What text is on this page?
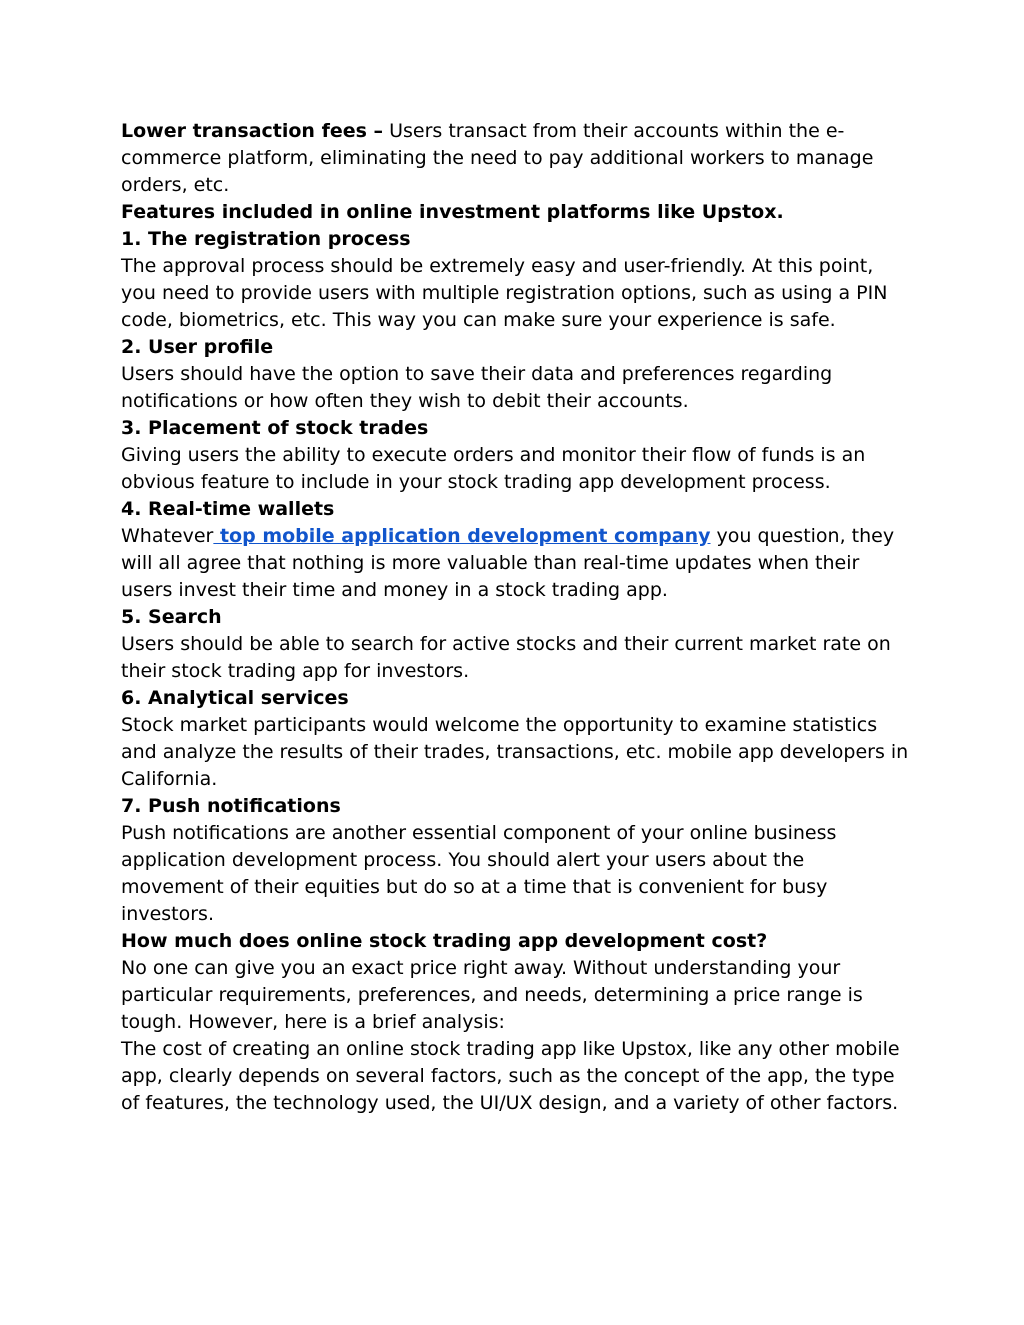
Lower transaction fees – Users transact from their accounts within the e-commerce platform, eliminating the need to pay additional workers to manage orders, etc.

Features included in online investment platforms like Upstox.

1. The registration process

The approval process should be extremely easy and user-friendly. At this point, you need to provide users with multiple registration options, such as using a PIN code, biometrics, etc. This way you can make sure your experience is safe.

2. User profile

Users should have the option to save their data and preferences regarding notifications or how often they wish to debit their accounts.

3. Placement of stock trades

Giving users the ability to execute orders and monitor their flow of funds is an obvious feature to include in your stock trading app development process.

4. Real-time wallets

Whatever top mobile application development company you question, they will all agree that nothing is more valuable than real-time updates when their users invest their time and money in a stock trading app.

5. Search

Users should be able to search for active stocks and their current market rate on their stock trading app for investors.

6. Analytical services

Stock market participants would welcome the opportunity to examine statistics and analyze the results of their trades, transactions, etc. mobile app developers in California.

7. Push notifications

Push notifications are another essential component of your online business application development process. You should alert your users about the movement of their equities but do so at a time that is convenient for busy investors.

How much does online stock trading app development cost?

No one can give you an exact price right away. Without understanding your particular requirements, preferences, and needs, determining a price range is tough. However, here is a brief analysis:

The cost of creating an online stock trading app like Upstox, like any other mobile app, clearly depends on several factors, such as the concept of the app, the type of features, the technology used, the UI/UX design, and a variety of other factors.
